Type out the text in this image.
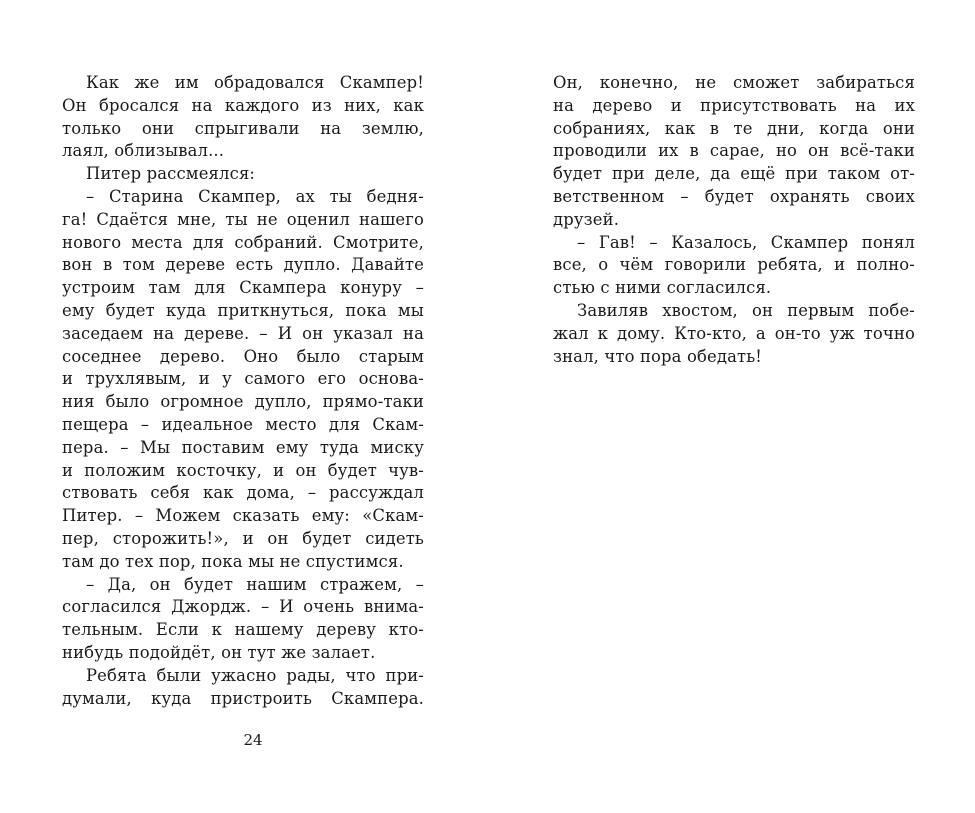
Как же им обрадовался Скампер!
Он бросался на каждого из них, как
только они спрыгивали на землю,
лаял, облизывал...
Питер рассмеялся:
– Старина Скампер, ах ты бедня-
га! Сдаётся мне, ты не оценил нашего
нового места для собраний. Смотрите,
вон в том дереве есть дупло. Давайте
устроим там для Скампера конуру –
ему будет куда приткнуться, пока мы
заседаем на дереве. – И он указал на
соседнее дерево. Оно было старым
и трухлявым, и у самого его основа-
ния было огромное дупло, прямо-таки
пещера – идеальное место для Скам-
пера. – Мы поставим ему туда миску
и положим косточку, и он будет чув-
ствовать себя как дома, – рассуждал
Питер. – Можем сказать ему: «Скам-
пер, сторожить!», и он будет сидеть
там до тех пор, пока мы не спустимся.
– Да, он будет нашим стражем, –
согласился Джордж. – И очень внима-
тельным. Если к нашему дереву кто-
нибудь подойдёт, он тут же залает.
Ребята были ужасно рады, что при-
думали, куда пристроить Скампера.
24
Он, конечно, не сможет забираться
на дерево и присутствовать на их
собраниях, как в те дни, когда они
проводили их в сарае, но он всё-таки
будет при деле, да ещё при таком от-
ветственном – будет охранять своих
друзей.
– Гав! – Казалось, Скампер понял
все, о чём говорили ребята, и полно-
стью с ними согласился.
Завиляв хвостом, он первым побе-
жал к дому. Кто-кто, а он-то уж точно
знал, что пора обедать!
